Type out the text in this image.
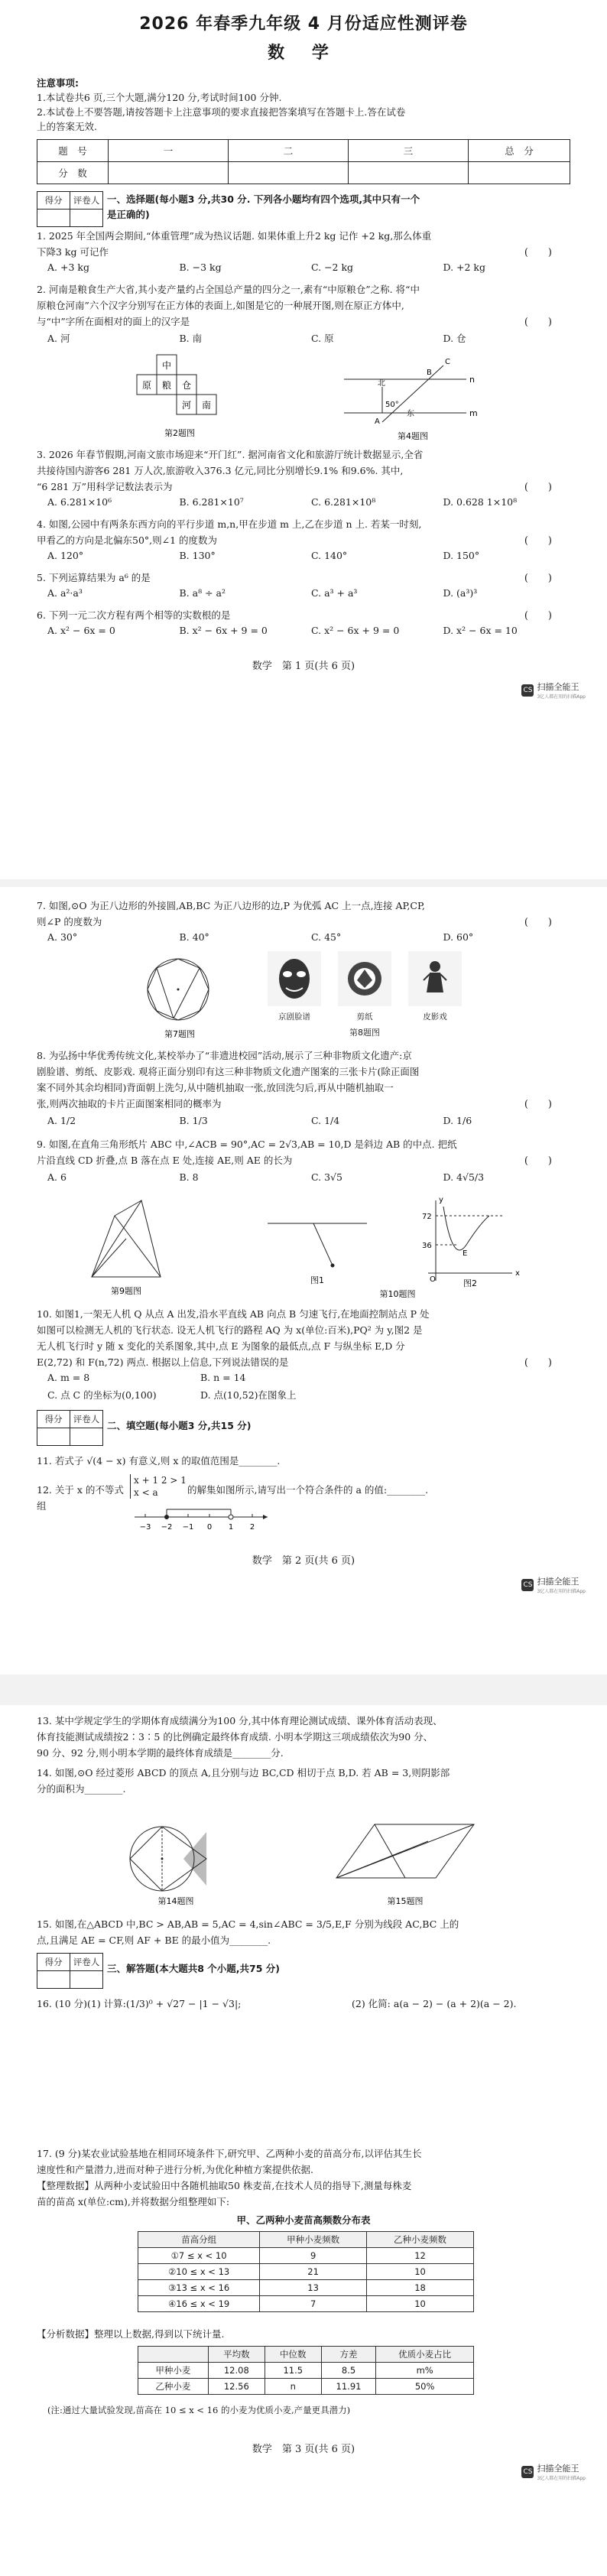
2026 年春季九年级 4 月份适应性测评卷
数 学
注意事项:
1.本试卷共6 页,三个大题,满分120 分,考试时间100 分钟.
2.本试卷上不要答题,请按答题卡上注意事项的要求直接把答案填写在答题卡上.答在试卷
上的答案无效.
题　号	一	二	三	总　分
分　数				
得分	评卷人
	一、选择题(每小题3 分,共30 分. 下列各小题均有四个选项,其中只有一个
是正确的)
1. 2025 年全国两会期间,“体重管理”成为热议话题. 如果体重上升2 kg 记作 +2 kg,那么体重
下降3 kg 可记作	(　　)
A. +3 kg	B. −3 kg	C. −2 kg	D. +2 kg
2. 河南是粮食生产大省,其小麦产量约占全国总产量的四分之一,素有“中原粮仓”之称. 将“中
原粮仓河南”六个汉字分别写在正方体的表面上,如图是它的一种展开图,则在原正方体中,
与“中”字所在面相对的面上的汉字是	(　　)
A. 河	B. 南	C. 原	D. 仓
中
原 粮 仓
河 南
第2题图
n
m
北
东
50°
A
B
C
第4题图
3. 2026 年春节假期,河南文旅市场迎来“开门红”. 据河南省文化和旅游厅统计数据显示,全省
共接待国内游客6 281 万人次,旅游收入376.3 亿元,同比分别增长9.1% 和9.6%. 其中,
“6 281 万”用科学记数法表示为	(　　)
A. 6.281×10⁶	B. 6.281×10⁷	C. 6.281×10⁸	D. 0.628 1×10⁸
4. 如图,公园中有两条东西方向的平行步道 m,n,甲在步道 m 上,乙在步道 n 上. 若某一时刻,
甲看乙的方向是北偏东50°,则∠1 的度数为	(　　)
A. 120°	B. 130°	C. 140°	D. 150°
5. 下列运算结果为 a⁶ 的是	(　　)
A. a²·a³	B. a⁸ ÷ a²	C. a³ + a³	D. (a³)³
6. 下列一元二次方程有两个相等的实数根的是	(　　)
A. x² − 6x = 0	B. x² − 6x + 9 = 0	C. x² − 6x + 9 = 0	D. x² − 6x = 10
数学　第 1 页(共 6 页)
CS 扫描全能王
3亿人都在用的扫描App
7. 如图,⊙O 为正八边形的外接圆,AB,BC 为正八边形的边,P 为优弧 AC 上一点,连接 AP,CP,
则∠P 的度数为	(　　)
A. 30°	B. 40°	C. 45°	D. 60°
第7题图
京剧脸谱	剪纸	皮影戏
第8题图
8. 为弘扬中华优秀传统文化,某校举办了“非遗进校园”活动,展示了三种非物质文化遗产:京
剧脸谱、剪纸、皮影戏. 观将正面分别印有这三种非物质文化遗产图案的三张卡片(除正面图
案不同外其余均相同)背面朝上洗匀,从中随机抽取一张,放回洗匀后,再从中随机抽取一
张,则两次抽取的卡片正面图案相同的概率为	(　　)
A. 1/2	B. 1/3	C. 1/4	D. 1/6
9. 如图,在直角三角形纸片 ABC 中,∠ACB = 90°,AC = 2√3,AB = 10,D 是斜边 AB 的中点. 把纸
片沿直线 CD 折叠,点 B 落在点 E 处,连接 AE,则 AE 的长为	(　　)
A. 6	B. 8	C. 3√5	D. 4√5/3
第9题图
图1
72
36
O
x
y
E
图2
第10题图
10. 如图1,一架无人机 Q 从点 A 出发,沿水平直线 AB 向点 B 匀速飞行,在地面控制站点 P 处
如图可以检测无人机的飞行状态. 设无人机飞行的路程 AQ 为 x(单位:百米),PQ² 为 y,图2 是
无人机飞行时 y 随 x 变化的关系图象,其中,点 E 为图象的最低点,点 F 与纵坐标 E,D 分
E(2,72) 和 F(n,72) 两点. 根据以上信息,下列说法错误的是	(　　)
A. m = 8	B. n = 14
C. 点 C 的坐标为(0,100)	D. 点(10,52)在图象上
得分	评卷人

二、填空题(每小题3 分,共15 分)
11. 若式子 √(4 − x) 有意义,则 x 的取值范围是________.
12. 关于 x 的不等式组
x + 1 2 > 1
x < a	的解集如图所示,请写出一个符合条件的 a 的值:________.
−3 −2 −1 0 1 2
数学　第 2 页(共 6 页)
CS 扫描全能王
3亿人都在用的扫描App
13. 某中学规定学生的学期体育成绩满分为100 分,其中体育理论测试成绩、课外体育活动表现、
体育技能测试成绩按2∶3∶5 的比例确定最终体育成绩. 小明本学期这三项成绩依次为90 分、
90 分、92 分,则小明本学期的最终体育成绩是________分.
14. 如图,⊙O 经过菱形 ABCD 的顶点 A,且分别与边 BC,CD 相切于点 B,D. 若 AB = 3,则阴影部
分的面积为________.
第14题图	第15题图
15. 如图,在△ABCD 中,BC > AB,AB = 5,AC = 4,sin∠ABC = 3/5,E,F 分别为线段 AC,BC 上的
点,且满足 AE = CF,则 AF + BE 的最小值为________.
得分	评卷人

三、解答题(本大题共8 个小题,共75 分)
16. (10 分)(1) 计算:(1/3)⁰ + √27 − |1 − √3|;	(2) 化简: a(a − 2) − (a + 2)(a − 2).
17. (9 分)某农业试验基地在相同环境条件下,研究甲、乙两种小麦的苗高分布,以评估其生长
速度性和产量潜力,进而对种子进行分析,为优化种植方案提供依据.
【整理数据】从两种小麦试验田中各随机抽取50 株麦苗,在技术人员的指导下,测量每株麦
苗的苗高 x(单位:cm),并将数据分组整理如下:
甲、乙两种小麦苗高频数分布表
苗高分组	甲种小麦频数	乙种小麦频数
①7 ≤ x < 10	9	12
②10 ≤ x < 13	21	10
③13 ≤ x < 16	13	18
④16 ≤ x < 19	7	10
【分析数据】整理以上数据,得到以下统计量.
	平均数	中位数	方差	优质小麦占比
甲种小麦	12.08	11.5	8.5	m%
乙种小麦	12.56	n	11.91	50%
(注:通过大量试验发现,苗高在 10 ≤ x < 16 的小麦为优质小麦,产量更具潜力)
数学　第 3 页(共 6 页)
CS 扫描全能王
3亿人都在用的扫描App
